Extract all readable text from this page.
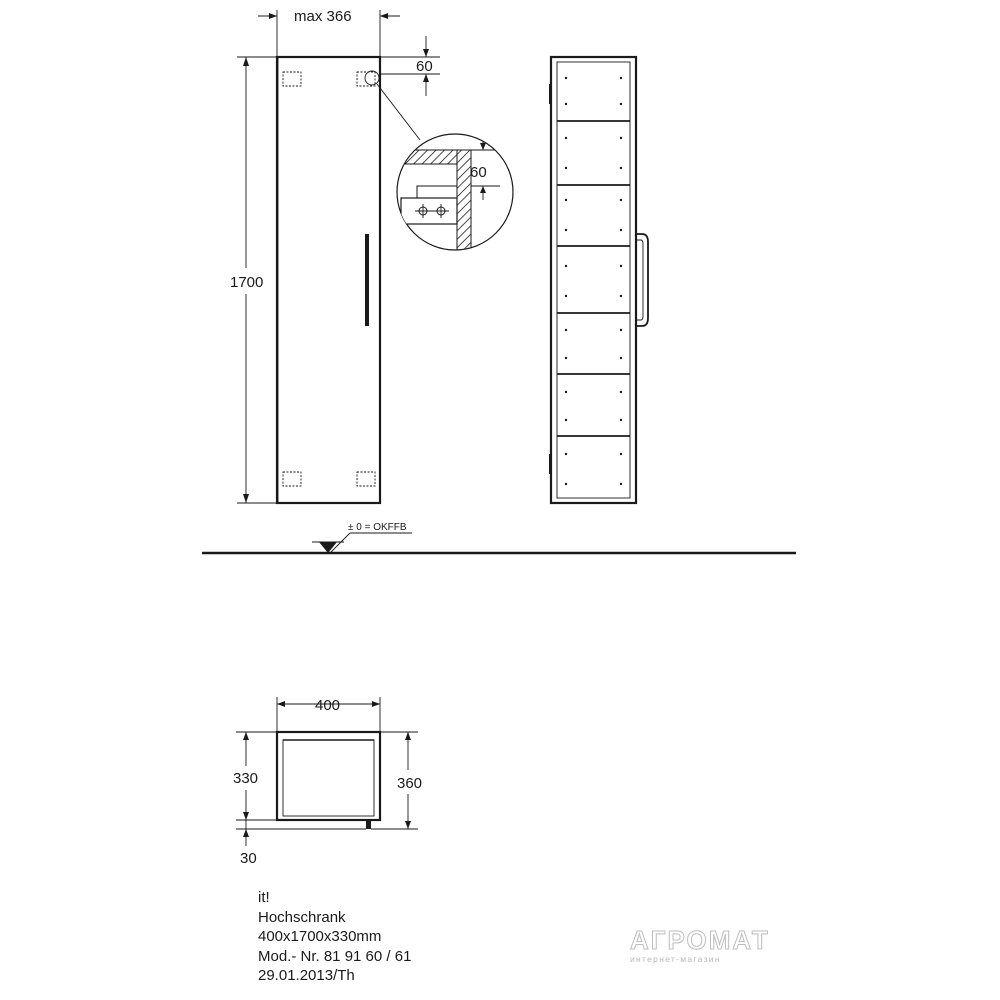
max 366
1700
60
60
± 0 = OKFFB
400
330
30
360
it!
Hochschrank
400x1700x330mm
Mod.- Nr. 81 91 60 / 61
29.01.2013/Th
АГРОМАТ
интернет-магазин
